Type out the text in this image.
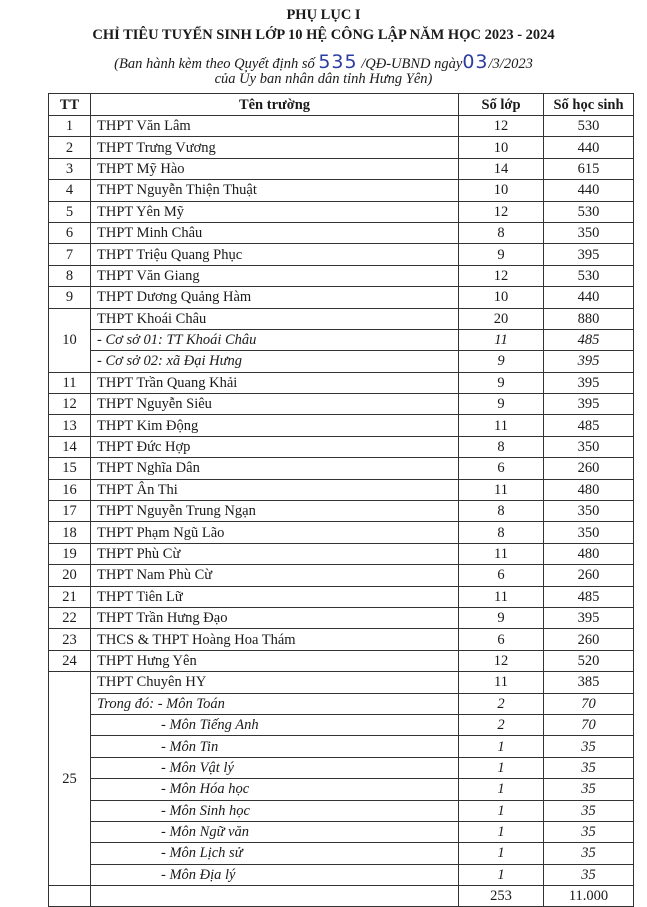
PHỤ LỤC I
CHỈ TIÊU TUYỂN SINH LỚP 10 HỆ CÔNG LẬP NĂM HỌC 2023 - 2024
(Ban hành kèm theo Quyết định số 535 /QĐ-UBND ngày03/3/2023
của Ủy ban nhân dân tỉnh Hưng Yên)
TT	Tên trường	Số lớp	Số học sinh
1	THPT Văn Lâm	12	530
2	THPT Trưng Vương	10	440
3	THPT Mỹ Hào	14	615
4	THPT Nguyễn Thiện Thuật	10	440
5	THPT Yên Mỹ	12	530
6	THPT Minh Châu	8	350
7	THPT Triệu Quang Phục	9	395
8	THPT Văn Giang	12	530
9	THPT Dương Quảng Hàm	10	440
10	THPT Khoái Châu	20	880
	- Cơ sở 01: TT Khoái Châu	11	485
	- Cơ sở 02: xã Đại Hưng	9	395
11	THPT Trần Quang Khải	9	395
12	THPT Nguyễn Siêu	9	395
13	THPT Kim Động	11	485
14	THPT Đức Hợp	8	350
15	THPT Nghĩa Dân	6	260
16	THPT Ân Thi	11	480
17	THPT Nguyễn Trung Ngạn	8	350
18	THPT Phạm Ngũ Lão	8	350
19	THPT Phù Cừ	11	480
20	THPT Nam Phù Cừ	6	260
21	THPT Tiên Lữ	11	485
22	THPT Trần Hưng Đạo	9	395
23	THCS & THPT Hoàng Hoa Thám	6	260
24	THPT Hưng Yên	12	520
25	THPT Chuyên HY	11	385
	Trong đó: - Môn Toán	2	70
	- Môn Tiếng Anh	2	70
	- Môn Tin	1	35
	- Môn Vật lý	1	35
	- Môn Hóa học	1	35
	- Môn Sinh học	1	35
	- Môn Ngữ văn	1	35
	- Môn Lịch sử	1	35
	- Môn Địa lý	1	35
		253	11.000
